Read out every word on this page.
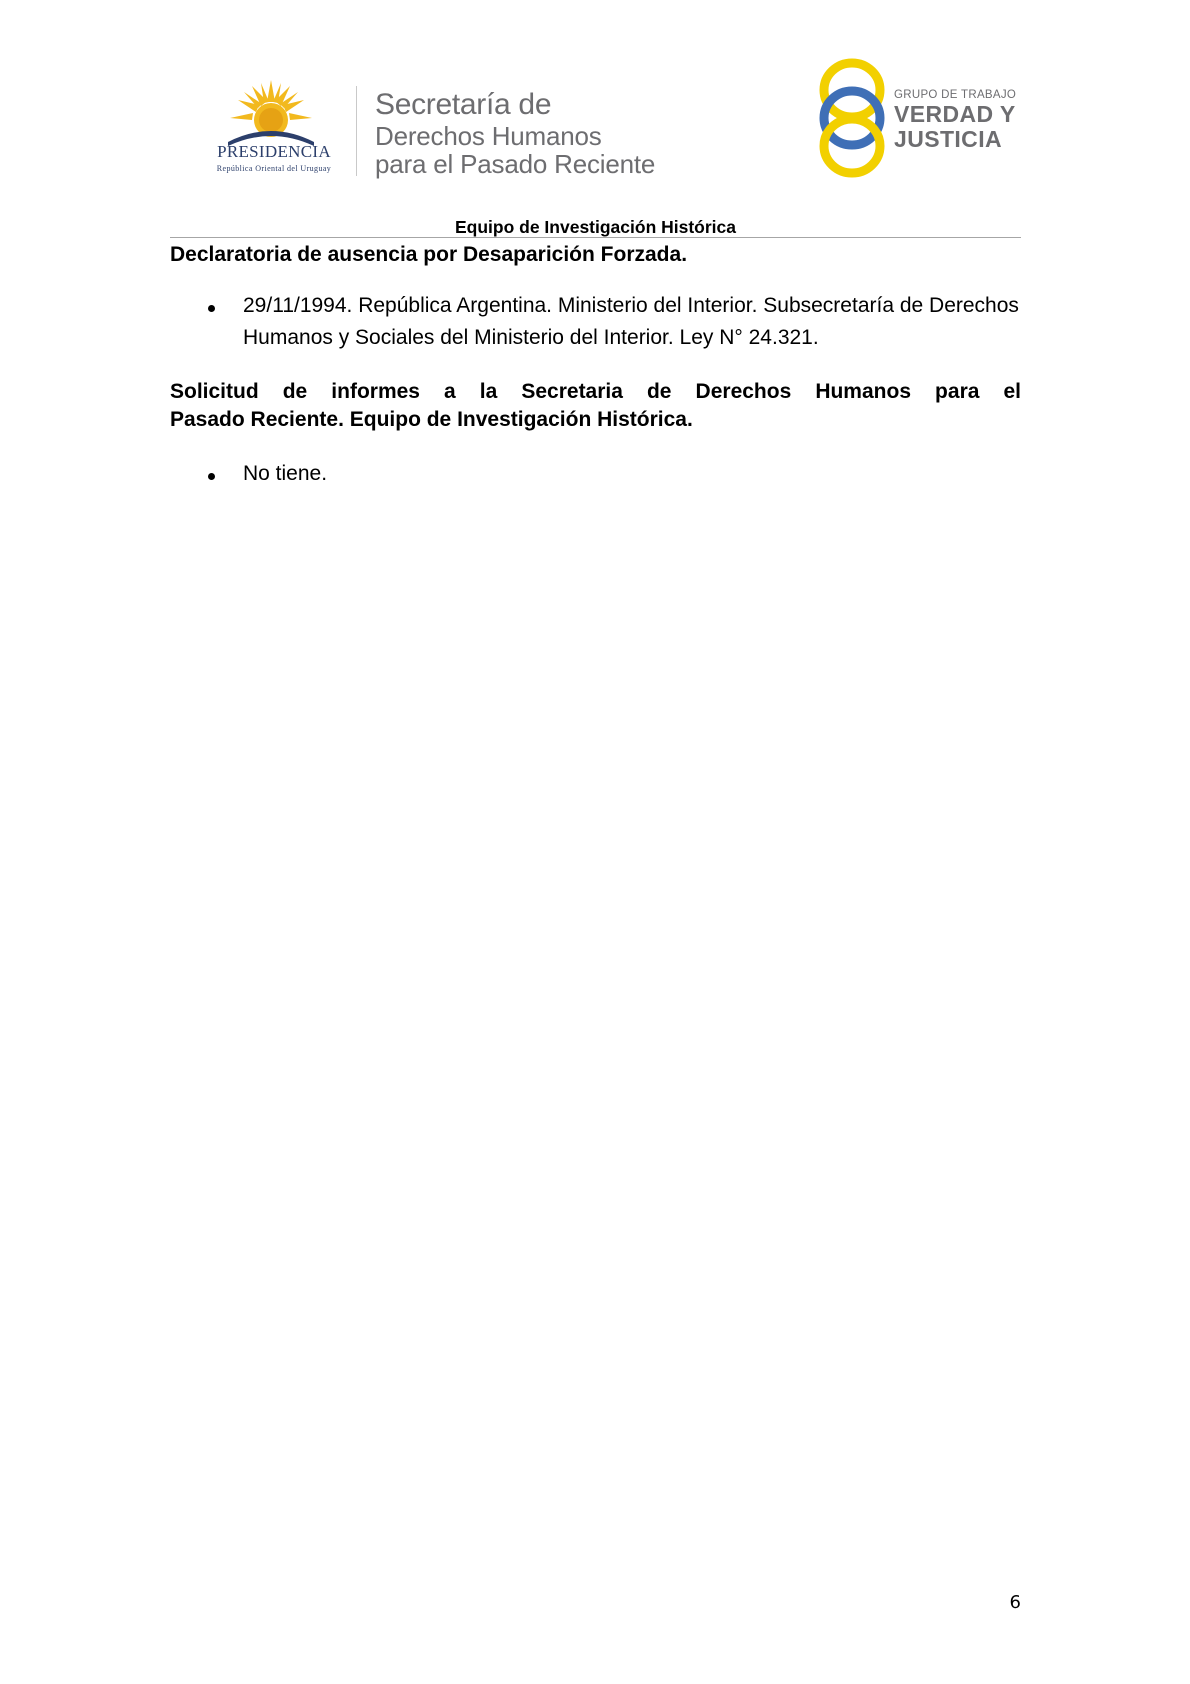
PRESIDENCIA
República Oriental del Uruguay
Secretaría de
Derechos Humanos
para el Pasado Reciente
GRUPO DE TRABAJO
VERDAD Y
JUSTICIA
Equipo de Investigación Histórica
Declaratoria de ausencia por Desaparición Forzada.
29/11/1994. República Argentina. Ministerio del Interior. Subsecretaría de Derechos Humanos y Sociales del Ministerio del Interior. Ley N° 24.321.
Solicitud de informes a la Secretaria de Derechos Humanos para el
Pasado Reciente. Equipo de Investigación Histórica.
No tiene.
6
